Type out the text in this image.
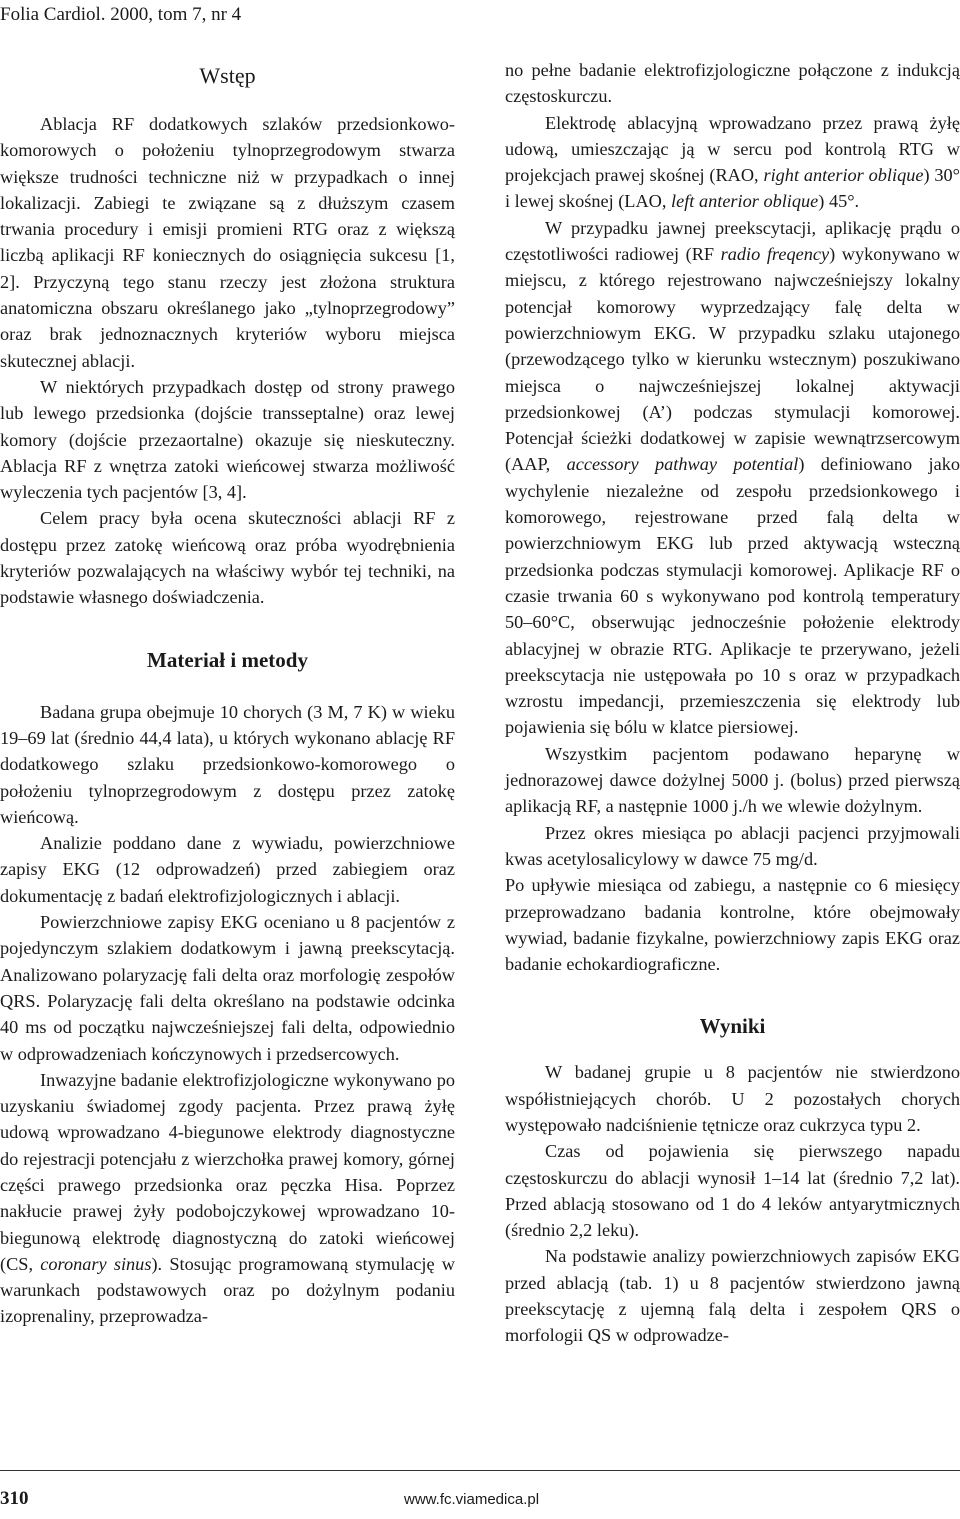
Folia Cardiol. 2000, tom 7, nr 4
Wstęp

Ablacja RF dodatkowych szlaków przedsionkowo-komorowych o położeniu tylnoprzegrodowym stwarza większe trudności techniczne niż w przypadkach o innej lokalizacji. Zabiegi te związane są z dłuższym czasem trwania procedury i emisji promieni RTG oraz z większą liczbą aplikacji RF koniecznych do osiągnięcia sukcesu [1, 2]. Przyczyną tego stanu rzeczy jest złożona struktura anatomiczna obszaru określanego jako „tylnoprzegrodowy” oraz brak jednoznacznych kryteriów wyboru miejsca skutecznej ablacji.

W niektórych przypadkach dostęp od strony prawego lub lewego przedsionka (dojście transseptalne) oraz lewej komory (dojście przezaortalne) okazuje się nieskuteczny. Ablacja RF z wnętrza zatoki wieńcowej stwarza możliwość wyleczenia tych pacjentów [3, 4].

Celem pracy była ocena skuteczności ablacji RF z dostępu przez zatokę wieńcową oraz próba wyodrębnienia kryteriów pozwalających na właściwy wybór tej techniki, na podstawie własnego doświadczenia.

Materiał i metody

Badana grupa obejmuje 10 chorych (3 M, 7 K) w wieku 19–69 lat (średnio 44,4 lata), u których wykonano ablację RF dodatkowego szlaku przedsionkowo-komorowego o położeniu tylnoprzegrodowym z dostępu przez zatokę wieńcową.

Analizie poddano dane z wywiadu, powierzchniowe zapisy EKG (12 odprowadzeń) przed zabiegiem oraz dokumentację z badań elektrofizjologicznych i ablacji.

Powierzchniowe zapisy EKG oceniano u 8 pacjentów z pojedynczym szlakiem dodatkowym i jawną preekscytacją. Analizowano polaryzację fali delta oraz morfologię zespołów QRS. Polaryzację fali delta określano na podstawie odcinka 40 ms od początku najwcześniejszej fali delta, odpowiednio w odprowadzeniach kończynowych i przedsercowych.

Inwazyjne badanie elektrofizjologiczne wykonywano po uzyskaniu świadomej zgody pacjenta. Przez prawą żyłę udową wprowadzano 4-biegunowe elektrody diagnostyczne do rejestracji potencjału z wierzchołka prawej komory, górnej części prawego przedsionka oraz pęczka Hisa. Poprzez nakłucie prawej żyły podobojczykowej wprowadzano 10-biegunową elektrodę diagnostyczną do zatoki wieńcowej (CS, coronary sinus). Stosując programowaną stymulację w warunkach podstawowych oraz po dożylnym podaniu izoprenaliny, przeprowadza-

no pełne badanie elektrofizjologiczne połączone z indukcją częstoskurczu.

Elektrodę ablacyjną wprowadzano przez prawą żyłę udową, umieszczając ją w sercu pod kontrolą RTG w projekcjach prawej skośnej (RAO, right anterior oblique) 30° i lewej skośnej (LAO, left anterior oblique) 45°.

W przypadku jawnej preekscytacji, aplikację prądu o częstotliwości radiowej (RF radio freqency) wykonywano w miejscu, z którego rejestrowano najwcześniejszy lokalny potencjał komorowy wyprzedzający falę delta w powierzchniowym EKG. W przypadku szlaku utajonego (przewodzącego tylko w kierunku wstecznym) poszukiwano miejsca o najwcześniejszej lokalnej aktywacji przedsionkowej (A’) podczas stymulacji komorowej. Potencjał ścieżki dodatkowej w zapisie wewnątrzsercowym (AAP, accessory pathway potential) definiowano jako wychylenie niezależne od zespołu przedsionkowego i komorowego, rejestrowane przed falą delta w powierzchniowym EKG lub przed aktywacją wsteczną przedsionka podczas stymulacji komorowej. Aplikacje RF o czasie trwania 60 s wykonywano pod kontrolą temperatury 50–60°C, obserwując jednocześnie położenie elektrody ablacyjnej w obrazie RTG. Aplikacje te przerywano, jeżeli preekscytacja nie ustępowała po 10 s oraz w przypadkach wzrostu impedancji, przemieszczenia się elektrody lub pojawienia się bólu w klatce piersiowej.

Wszystkim pacjentom podawano heparynę w jednorazowej dawce dożylnej 5000 j. (bolus) przed pierwszą aplikacją RF, a następnie 1000 j./h we wlewie dożylnym.

Przez okres miesiąca po ablacji pacjenci przyjmowali kwas acetylosalicylowy w dawce 75 mg/d.

Po upływie miesiąca od zabiegu, a następnie co 6 miesięcy przeprowadzano badania kontrolne, które obejmowały wywiad, badanie fizykalne, powierzchniowy zapis EKG oraz badanie echokardiograficzne.

Wyniki

W badanej grupie u 8 pacjentów nie stwierdzono współistniejących chorób. U 2 pozostałych chorych występowało nadciśnienie tętnicze oraz cukrzyca typu 2.

Czas od pojawienia się pierwszego napadu częstoskurczu do ablacji wynosił 1–14 lat (średnio 7,2 lat). Przed ablacją stosowano od 1 do 4 leków antyarytmicznych (średnio 2,2 leku).

Na podstawie analizy powierzchniowych zapisów EKG przed ablacją (tab. 1) u 8 pacjentów stwierdzono jawną preekscytację z ujemną falą delta i zespołem QRS o morfologii QS w odprowadze-

310	www.fc.viamedica.pl
